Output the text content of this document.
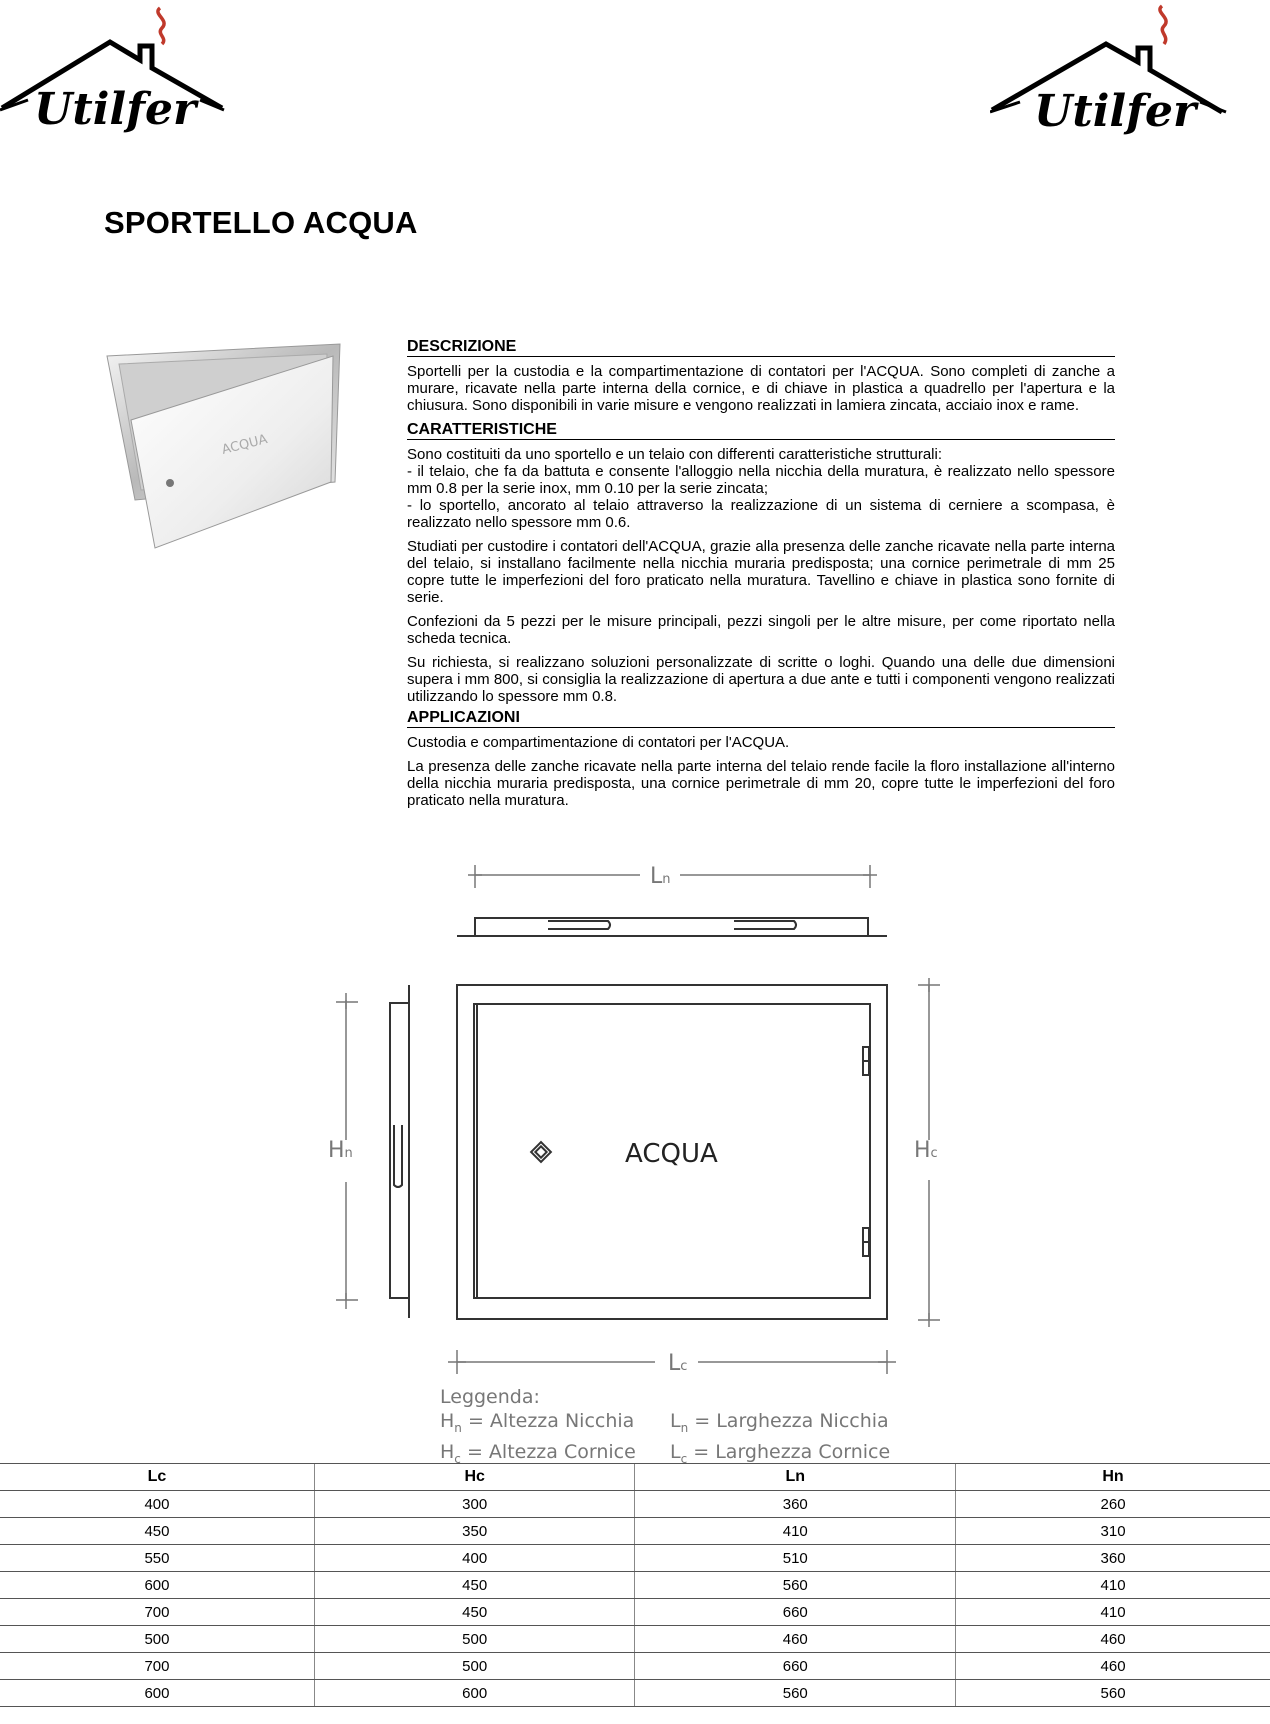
Utilfer	Utilfer
SPORTELLO ACQUA
ACQUA
DESCRIZIONE

Sportelli per la custodia e la compartimentazione di contatori per l'ACQUA. Sono completi di zanche a murare, ricavate nella parte interna della cornice, e di chiave in plastica a quadrello per l'apertura e la chiusura. Sono disponibili in varie misure e vengono realizzati in lamiera zincata, acciaio inox e rame.

CARATTERISTICHE

Sono costituiti da uno sportello e un telaio con differenti caratteristiche strutturali:

- il telaio, che fa da battuta e consente l'alloggio nella nicchia della muratura, è realizzato nello spessore mm 0.8 per la serie inox, mm 0.10 per la serie zincata;

- lo sportello, ancorato al telaio attraverso la realizzazione di un sistema di cerniere a scompasa, è realizzato nello spessore mm 0.6.

Studiati per custodire i contatori dell'ACQUA, grazie alla presenza delle zanche ricavate nella parte interna del telaio, si installano facilmente nella nicchia muraria predisposta; una cornice perimetrale di mm 25 copre tutte le imperfezioni del foro praticato nella muratura. Tavellino e chiave in plastica sono fornite di serie.

Confezioni da 5 pezzi per le misure principali, pezzi singoli per le altre misure, per come riportato nella scheda tecnica.

Su richiesta, si realizzano soluzioni personalizzate di scritte o loghi. Quando una delle due dimensioni supera i mm 800, si consiglia la realizzazione di apertura a due ante e tutti i componenti vengono realizzati utilizzando lo spessore mm 0.8.

APPLICAZIONI

Custodia e compartimentazione di contatori per l'ACQUA.

La presenza delle zanche ricavate nella parte interna del telaio rende facile la floro installazione all'interno della nicchia muraria predisposta, una cornice perimetrale di mm 20, copre tutte le imperfezioni del foro praticato nella muratura.

Ln
Hn	ACQUA	Hc
Lc
Leggenda:
$H_n$ = Altezza Nicchia	$L_n$ = Larghezza Nicchia
$H_c$ = Altezza Cornice	$L_c$ = Larghezza Cornice
Lc	Hc	Ln	Hn
400	300	360	260
450	350	410	310
550	400	510	360
600	450	560	410
700	450	660	410
500	500	460	460
700	500	660	460
600	600	560	560
